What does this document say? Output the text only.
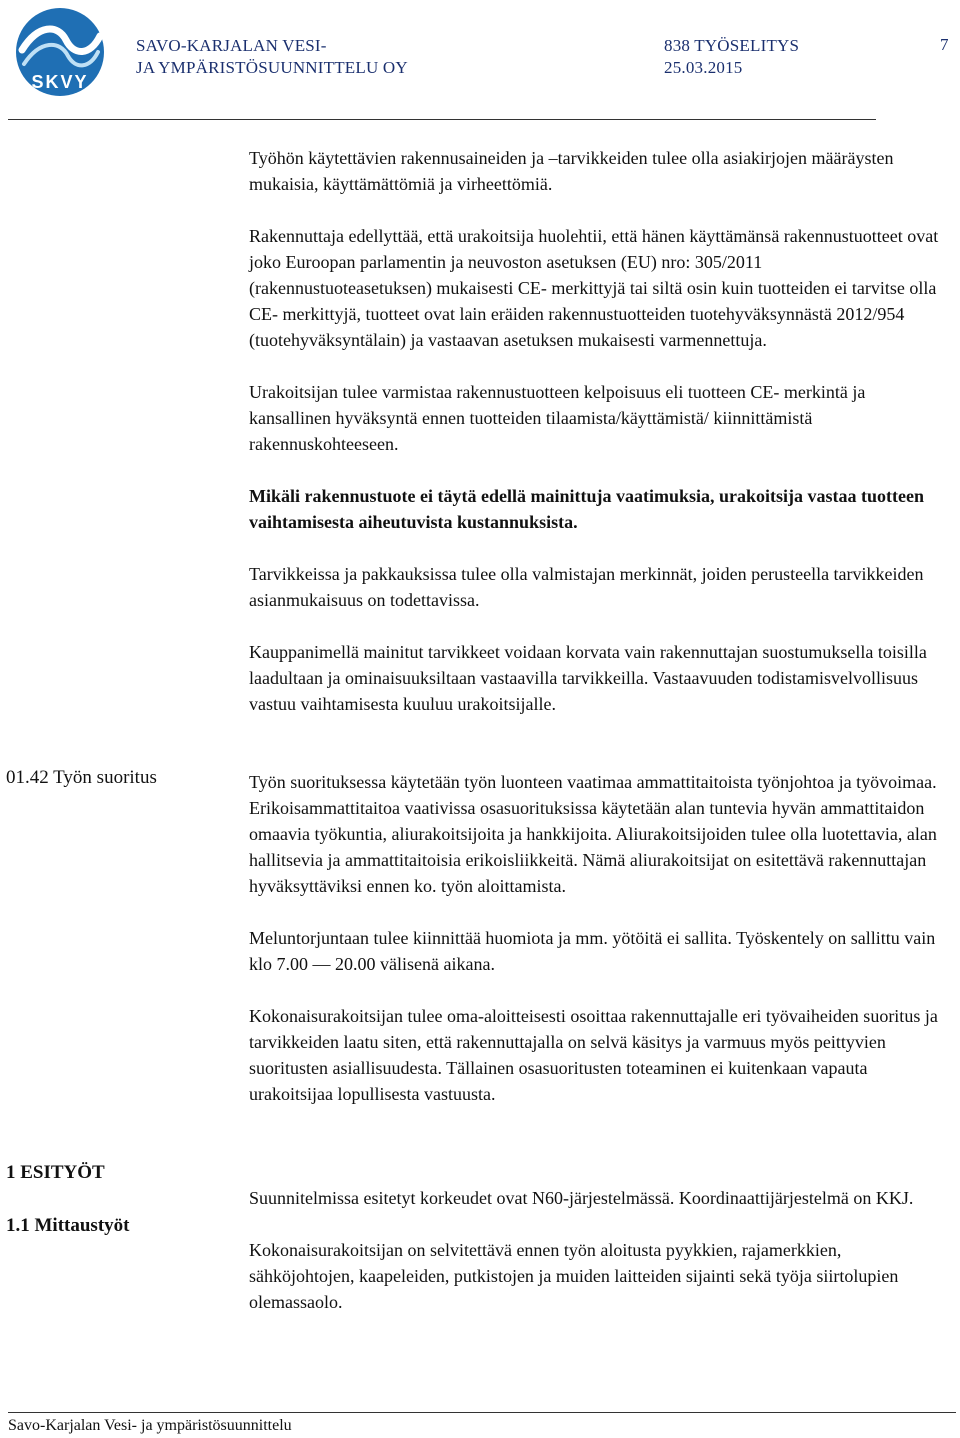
SKVY
SAVO-KARJALAN VESI-
JA YMPÄRISTÖSUUNNITTELU OY
838 TYÖSELITYS
25.03.2015
7
01.42 Työn suoritus
1 ESITYÖT
1.1 Mittaustyöt

Työhön käytettävien rakennusaineiden ja –tarvikkeiden tulee olla asiakirjojen määräysten mukaisia, käyttämättömiä ja virheettömiä.

Rakennuttaja edellyttää, että urakoitsija huolehtii, että hänen käyttämänsä rakennustuotteet ovat joko Euroopan parlamentin ja neuvoston asetuksen (EU) nro: 305/2011 (rakennustuoteasetuksen) mukaisesti CE- merkittyjä tai siltä osin kuin tuotteiden ei tarvitse olla CE- merkittyjä, tuotteet ovat lain eräiden rakennustuotteiden tuotehyväksynnästä 2012/954 (tuotehyväksyntälain) ja vastaavan asetuksen mukaisesti varmennettuja.

Urakoitsijan tulee varmistaa rakennustuotteen kelpoisuus eli tuotteen CE- merkintä ja kansallinen hyväksyntä ennen tuotteiden tilaamista/käyttämistä/ kiinnittämistä rakennuskohteeseen.

Mikäli rakennustuote ei täytä edellä mainittuja vaatimuksia, urakoitsija vastaa tuotteen vaihtamisesta aiheutuvista kustannuksista.

Tarvikkeissa ja pakkauksissa tulee olla valmistajan merkinnät, joiden perusteella tarvikkeiden asianmukaisuus on todettavissa.

Kauppanimellä mainitut tarvikkeet voidaan korvata vain rakennuttajan suostumuksella toisilla laadultaan ja ominaisuuksiltaan vastaavilla tarvikkeilla. Vastaavuuden todistamisvelvollisuus vastuu vaihtamisesta kuuluu urakoitsijalle.

Työn suorituksessa käytetään työn luonteen vaatimaa ammattitaitoista työnjohtoa ja työvoimaa. Erikoisammattitaitoa vaativissa osasuorituksissa käytetään alan tuntevia hyvän ammattitaidon omaavia työkuntia, aliurakoitsijoita ja hankkijoita. Aliurakoitsijoiden tulee olla luotettavia, alan hallitsevia ja ammattitaitoisia erikoisliikkeitä. Nämä aliurakoitsijat on esitettävä rakennuttajan hyväksyttäviksi ennen ko. työn aloittamista.

Meluntorjuntaan tulee kiinnittää huomiota ja mm. yötöitä ei sallita. Työskentely on sallittu vain klo 7.00 — 20.00 välisenä aikana.

Kokonaisurakoitsijan tulee oma-aloitteisesti osoittaa rakennuttajalle eri työvaiheiden suoritus ja tarvikkeiden laatu siten, että rakennuttajalla on selvä käsitys ja varmuus myös peittyvien suoritusten asiallisuudesta. Tällainen osasuoritusten toteaminen ei kuitenkaan vapauta urakoitsijaa lopullisesta vastuusta.

Suunnitelmissa esitetyt korkeudet ovat N60-järjestelmässä. Koordinaattijärjestelmä on KKJ.

Kokonaisurakoitsijan on selvitettävä ennen työn aloitusta pyykkien, rajamerkkien, sähköjohtojen, kaapeleiden, putkistojen ja muiden laitteiden sijainti sekä työja siirtolupien olemassaolo.

Savo-Karjalan Vesi- ja ympäristösuunnittelu
